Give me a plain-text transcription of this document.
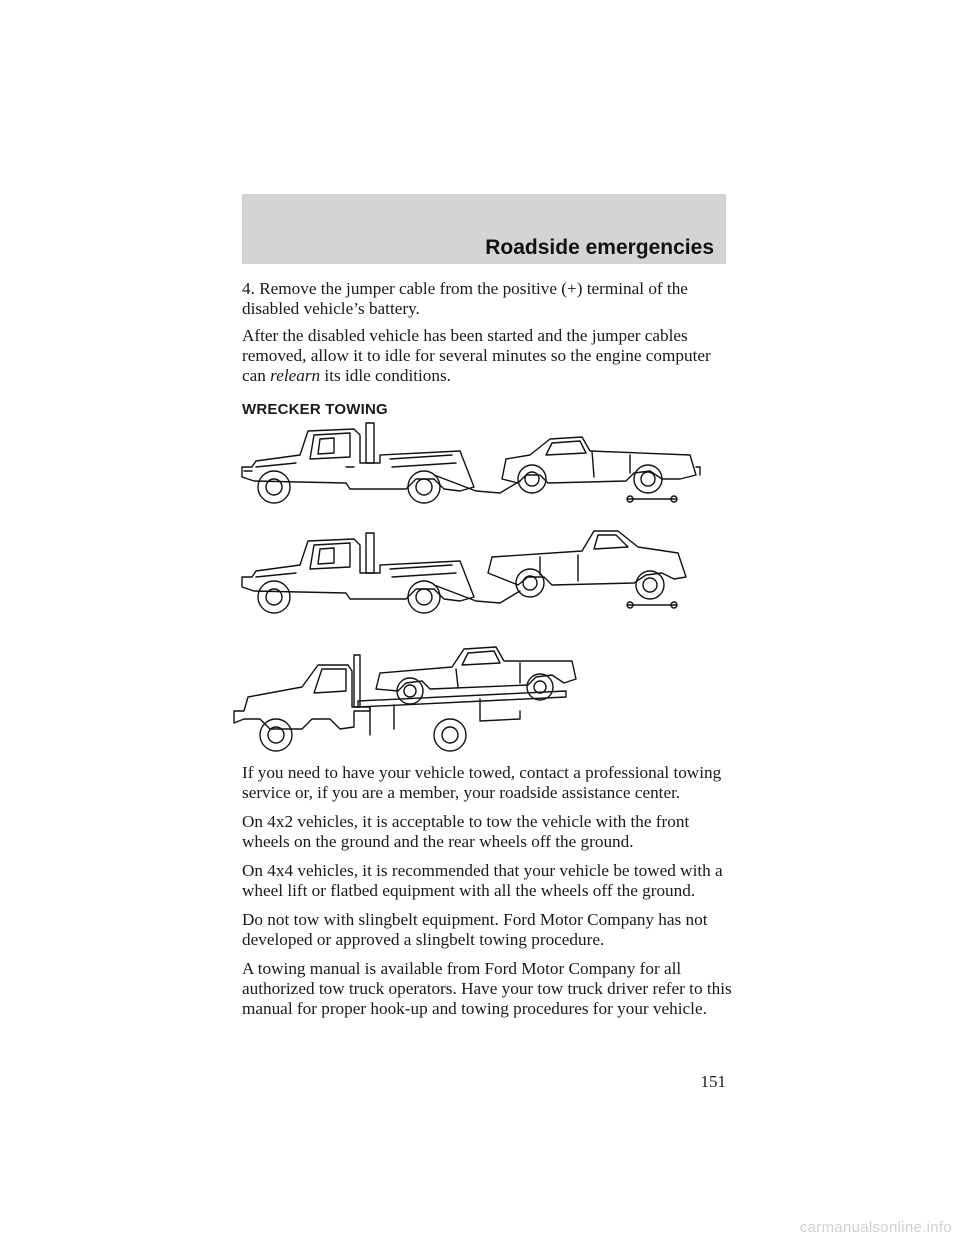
Roadside emergencies

4. Remove the jumper cable from the positive (+) terminal of the disabled vehicle’s battery.

After the disabled vehicle has been started and the jumper cables removed, allow it to idle for several minutes so the engine computer can relearn its idle conditions.

WRECKER TOWING

If you need to have your vehicle towed, contact a professional towing service or, if you are a member, your roadside assistance center.

On 4x2 vehicles, it is acceptable to tow the vehicle with the front wheels on the ground and the rear wheels off the ground.

On 4x4 vehicles, it is recommended that your vehicle be towed with a wheel lift or flatbed equipment with all the wheels off the ground.

Do not tow with slingbelt equipment. Ford Motor Company has not developed or approved a slingbelt towing procedure.

A towing manual is available from Ford Motor Company for all authorized tow truck operators. Have your tow truck driver refer to this manual for proper hook-up and towing procedures for your vehicle.

151
carmanualsonline.info
